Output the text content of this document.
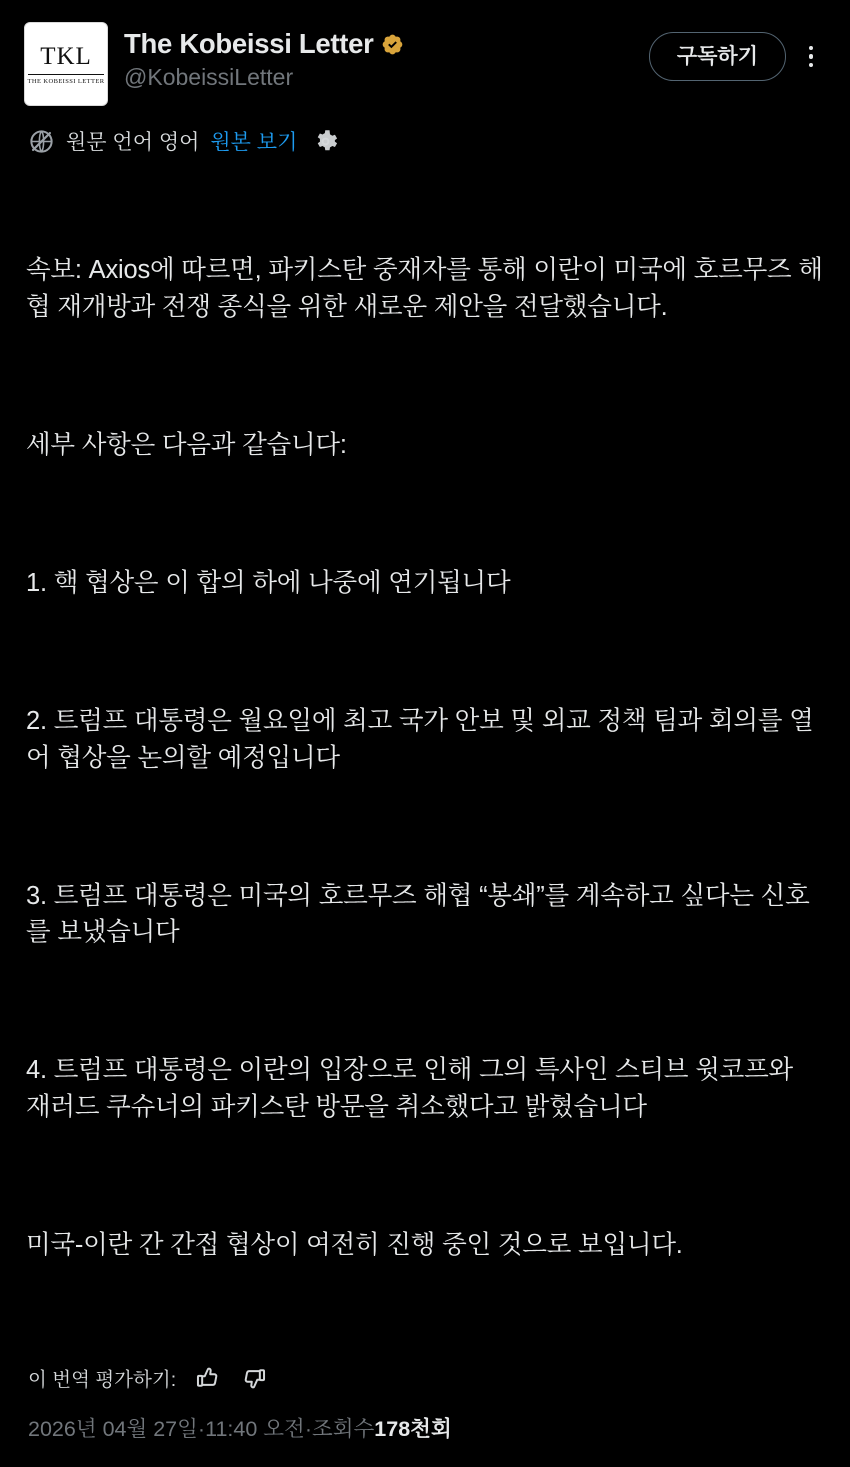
TKL
THE KOBEISSI LETTER
The Kobeissi Letter
@KobeissiLetter
구독하기
원문 언어 영어 원본 보기

속보: Axios에 따르면, 파키스탄 중재자를 통해 이란이 미국에 호르무즈 해협 재개방과 전쟁 종식을 위한 새로운 제안을 전달했습니다.

세부 사항은 다음과 같습니다:

1. 핵 협상은 이 합의 하에 나중에 연기됩니다

2. 트럼프 대통령은 월요일에 최고 국가 안보 및 외교 정책 팀과 회의를 열어 협상을 논의할 예정입니다

3. 트럼프 대통령은 미국의 호르무즈 해협 “봉쇄”를 계속하고 싶다는 신호를 보냈습니다

4. 트럼프 대통령은 이란의 입장으로 인해 그의 특사인 스티브 윗코프와 재러드 쿠슈너의 파키스탄 방문을 취소했다고 밝혔습니다

미국-이란 간 간접 협상이 여전히 진행 중인 것으로 보입니다.

이 번역 평가하기:
2026년 04월 27일 · 11:40 오전 · 조회수 178천회
